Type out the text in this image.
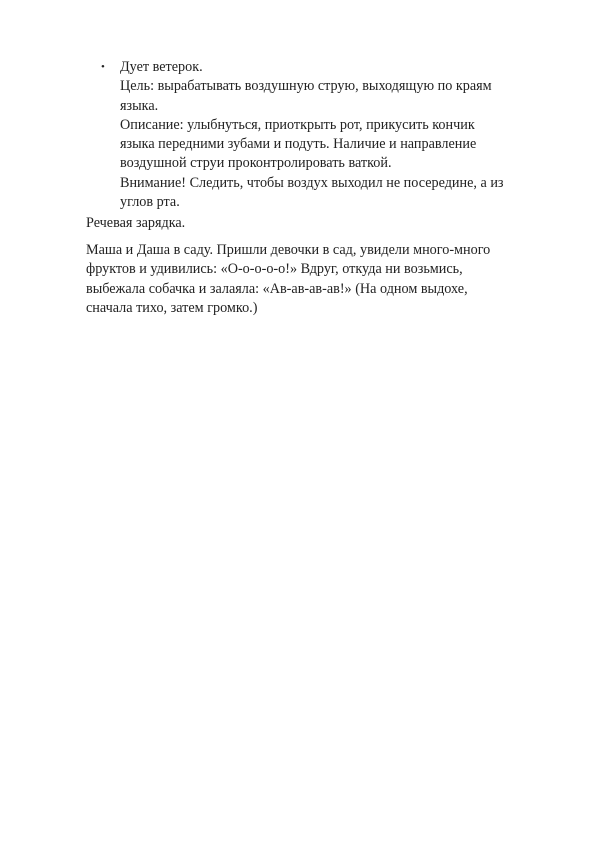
• Дует ветерок.
Цель: вырабатывать воздушную струю, выходящую по краям
языка.
Описание: улыбнуться, приоткрыть рот, прикусить кончик
языка передними зубами и подуть. Наличие и направление
воздушной струи проконтролировать ваткой.
Внимание! Следить, чтобы воздух выходил не посередине, а из
углов рта.

Речевая зарядка.

Маша и Даша в саду. Пришли девочки в сад, увидели много-много
фруктов и удивились: «О-о-о-о-о!» Вдруг, откуда ни возьмись,
выбежала собачка и залаяла: «Ав-ав-ав-ав!» (На одном выдохе,
сначала тихо, затем громко.)
